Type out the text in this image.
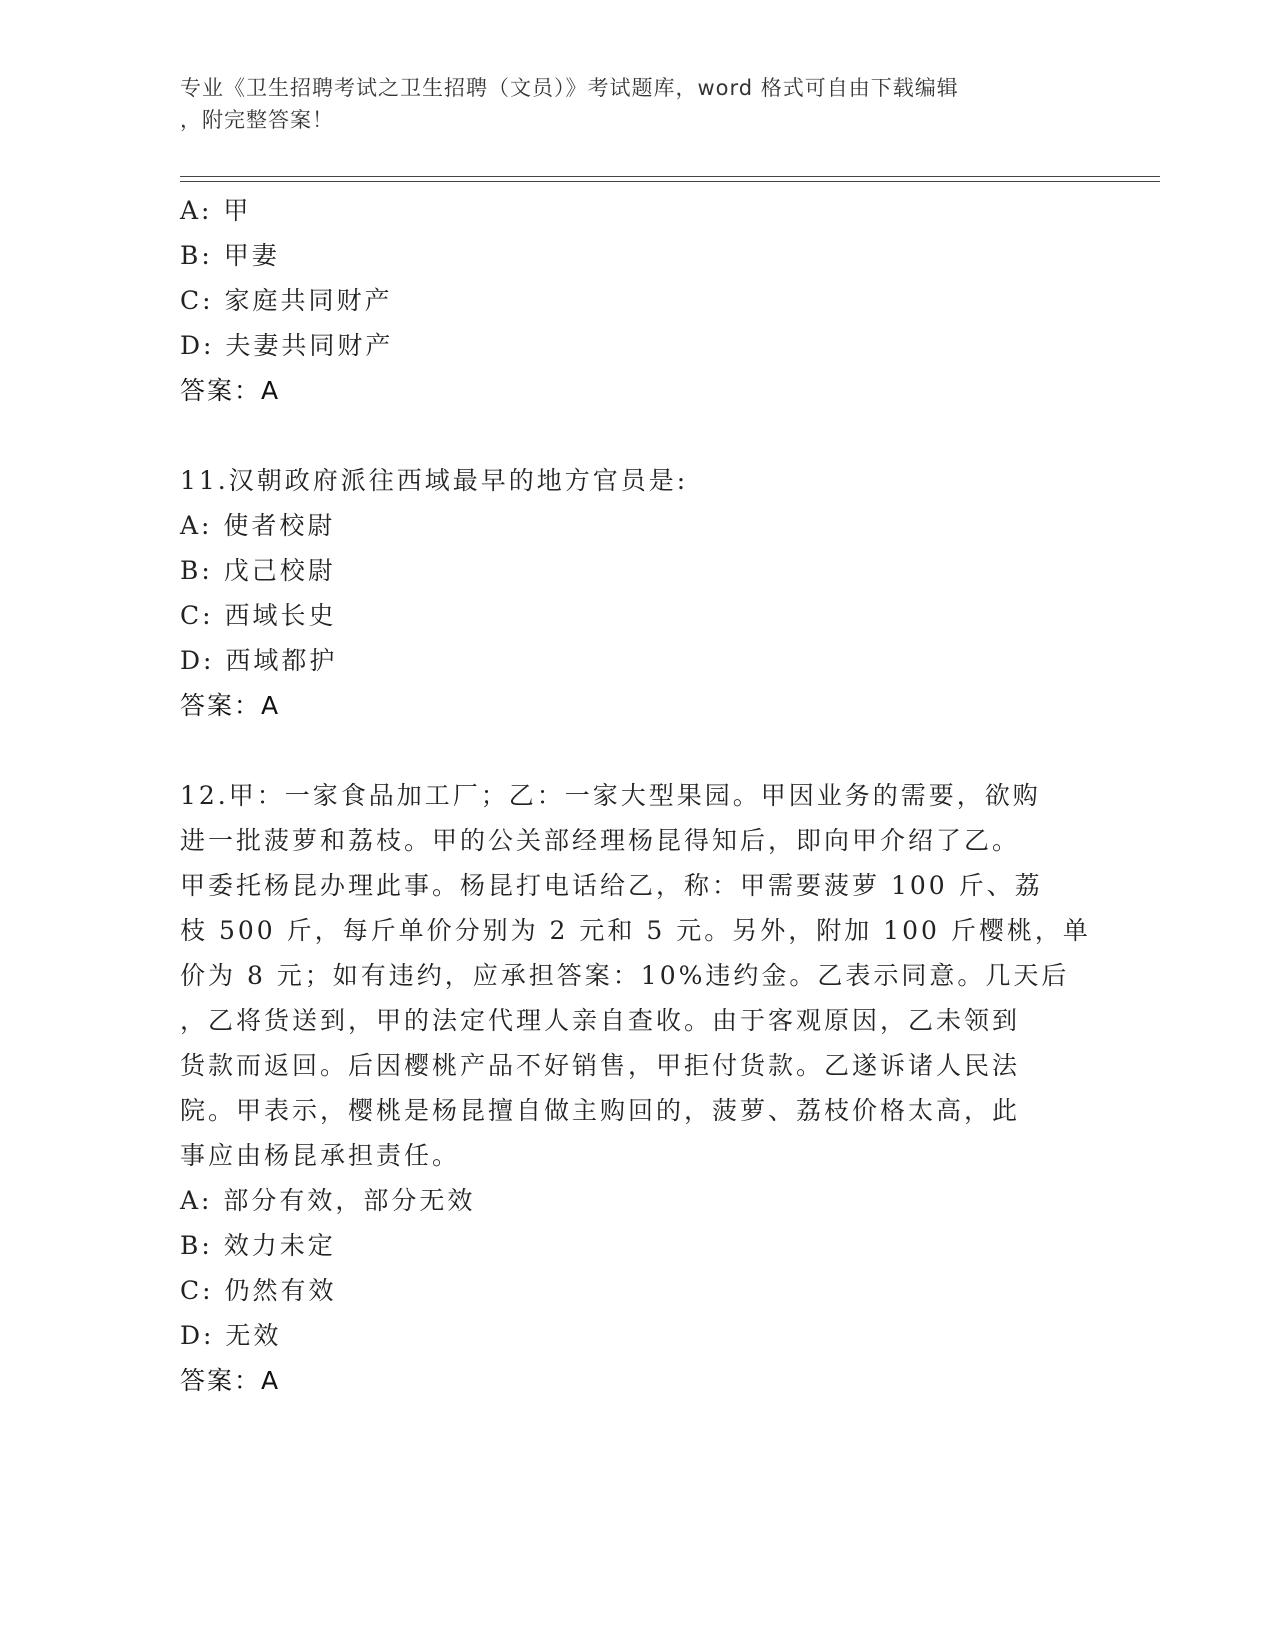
专业《卫生招聘考试之卫生招聘（文员）》考试题库，word 格式可自由下载编辑
，附完整答案！
A: 甲
B: 甲妻
C: 家庭共同财产
D: 夫妻共同财产
答案：A
11.汉朝政府派往西域最早的地方官员是:
A: 使者校尉
B: 戊己校尉
C: 西域长史
D: 西域都护
答案：A
12.甲：一家食品加工厂；乙：一家大型果园。甲因业务的需要，欲购
进一批菠萝和荔枝。甲的公关部经理杨昆得知后，即向甲介绍了乙。
甲委托杨昆办理此事。杨昆打电话给乙，称：甲需要菠萝 100 斤、荔
枝 500 斤，每斤单价分别为 2 元和 5 元。另外，附加 100 斤樱桃，单
价为 8 元；如有违约，应承担答案：10%违约金。乙表示同意。几天后
，乙将货送到，甲的法定代理人亲自查收。由于客观原因，乙未领到
货款而返回。后因樱桃产品不好销售，甲拒付货款。乙遂诉诸人民法
院。甲表示，樱桃是杨昆擅自做主购回的，菠萝、荔枝价格太高，此
事应由杨昆承担责任。
A: 部分有效，部分无效
B: 效力未定
C: 仍然有效
D: 无效
答案：A
